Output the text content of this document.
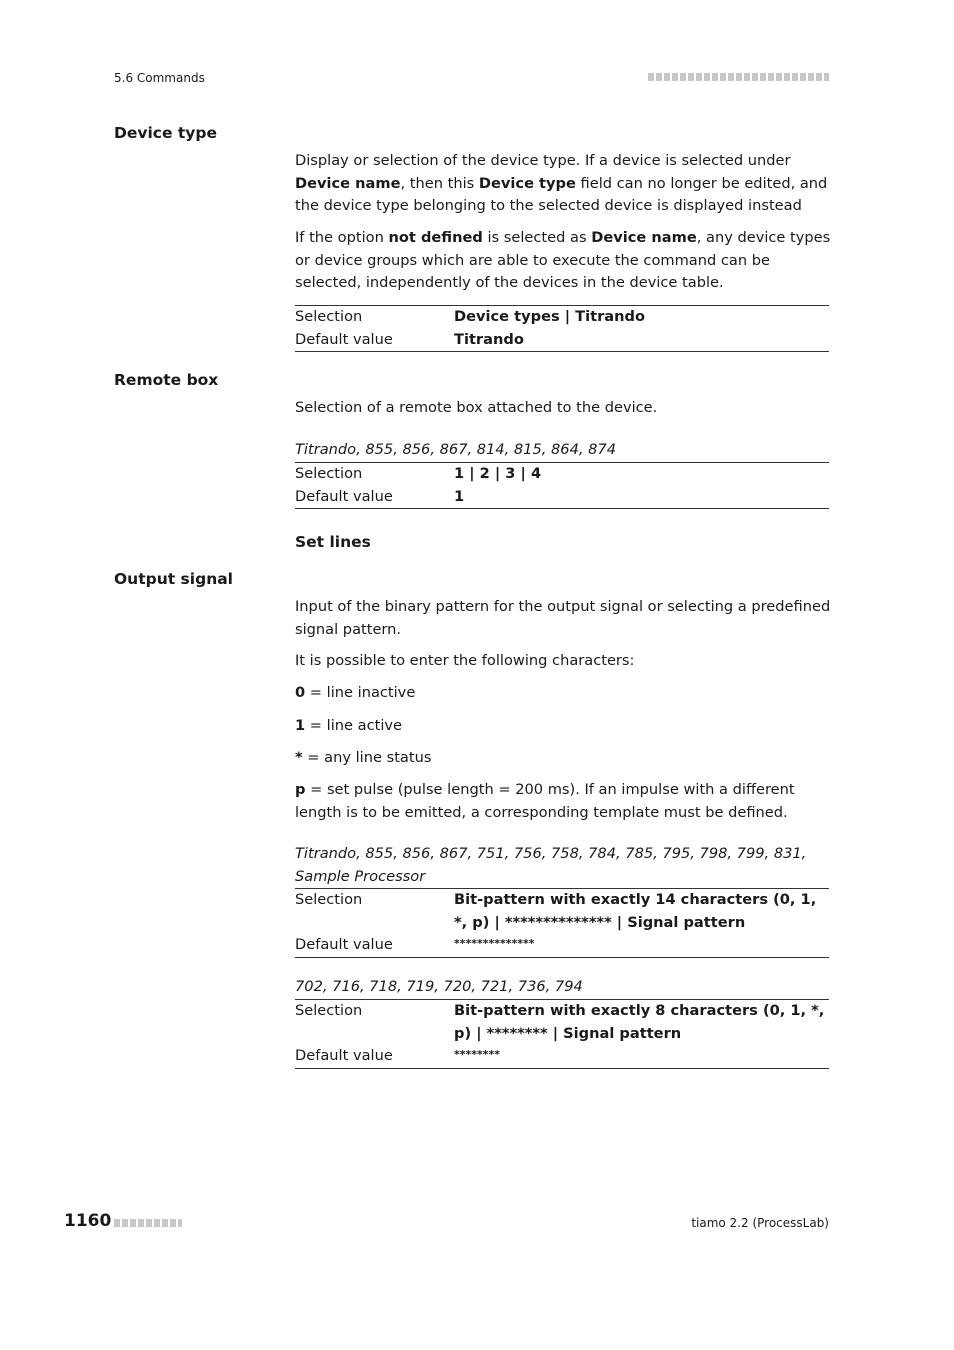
5.6 Commands
Device type
Display or selection of the device type. If a device is selected under Device name, then this Device type field can no longer be edited, and the device type belonging to the selected device is displayed instead
If the option not defined is selected as Device name, any device types or device groups which are able to execute the command can be selected, independently of the devices in the device table.
Selection	Device types | Titrando
Default value	Titrando
Remote box
Selection of a remote box attached to the device.
Titrando, 855, 856, 867, 814, 815, 864, 874
Selection	1 | 2 | 3 | 4
Default value	1
Set lines
Output signal
Input of the binary pattern for the output signal or selecting a predefined signal pattern.
It is possible to enter the following characters:
0 = line inactive
1 = line active
* = any line status
p = set pulse (pulse length = 200 ms). If an impulse with a different length is to be emitted, a corresponding template must be defined.
Titrando, 855, 856, 867, 751, 756, 758, 784, 785, 795, 798, 799, 831, Sample Processor
Selection	Bit-pattern with exactly 14 characters (0, 1, *, p) | ************** | Signal pattern
Default value	**************
702, 716, 718, 719, 720, 721, 736, 794
Selection	Bit-pattern with exactly 8 characters (0, 1, *, p) | ******** | Signal pattern
Default value	********
1160	tiamo 2.2 (ProcessLab)
